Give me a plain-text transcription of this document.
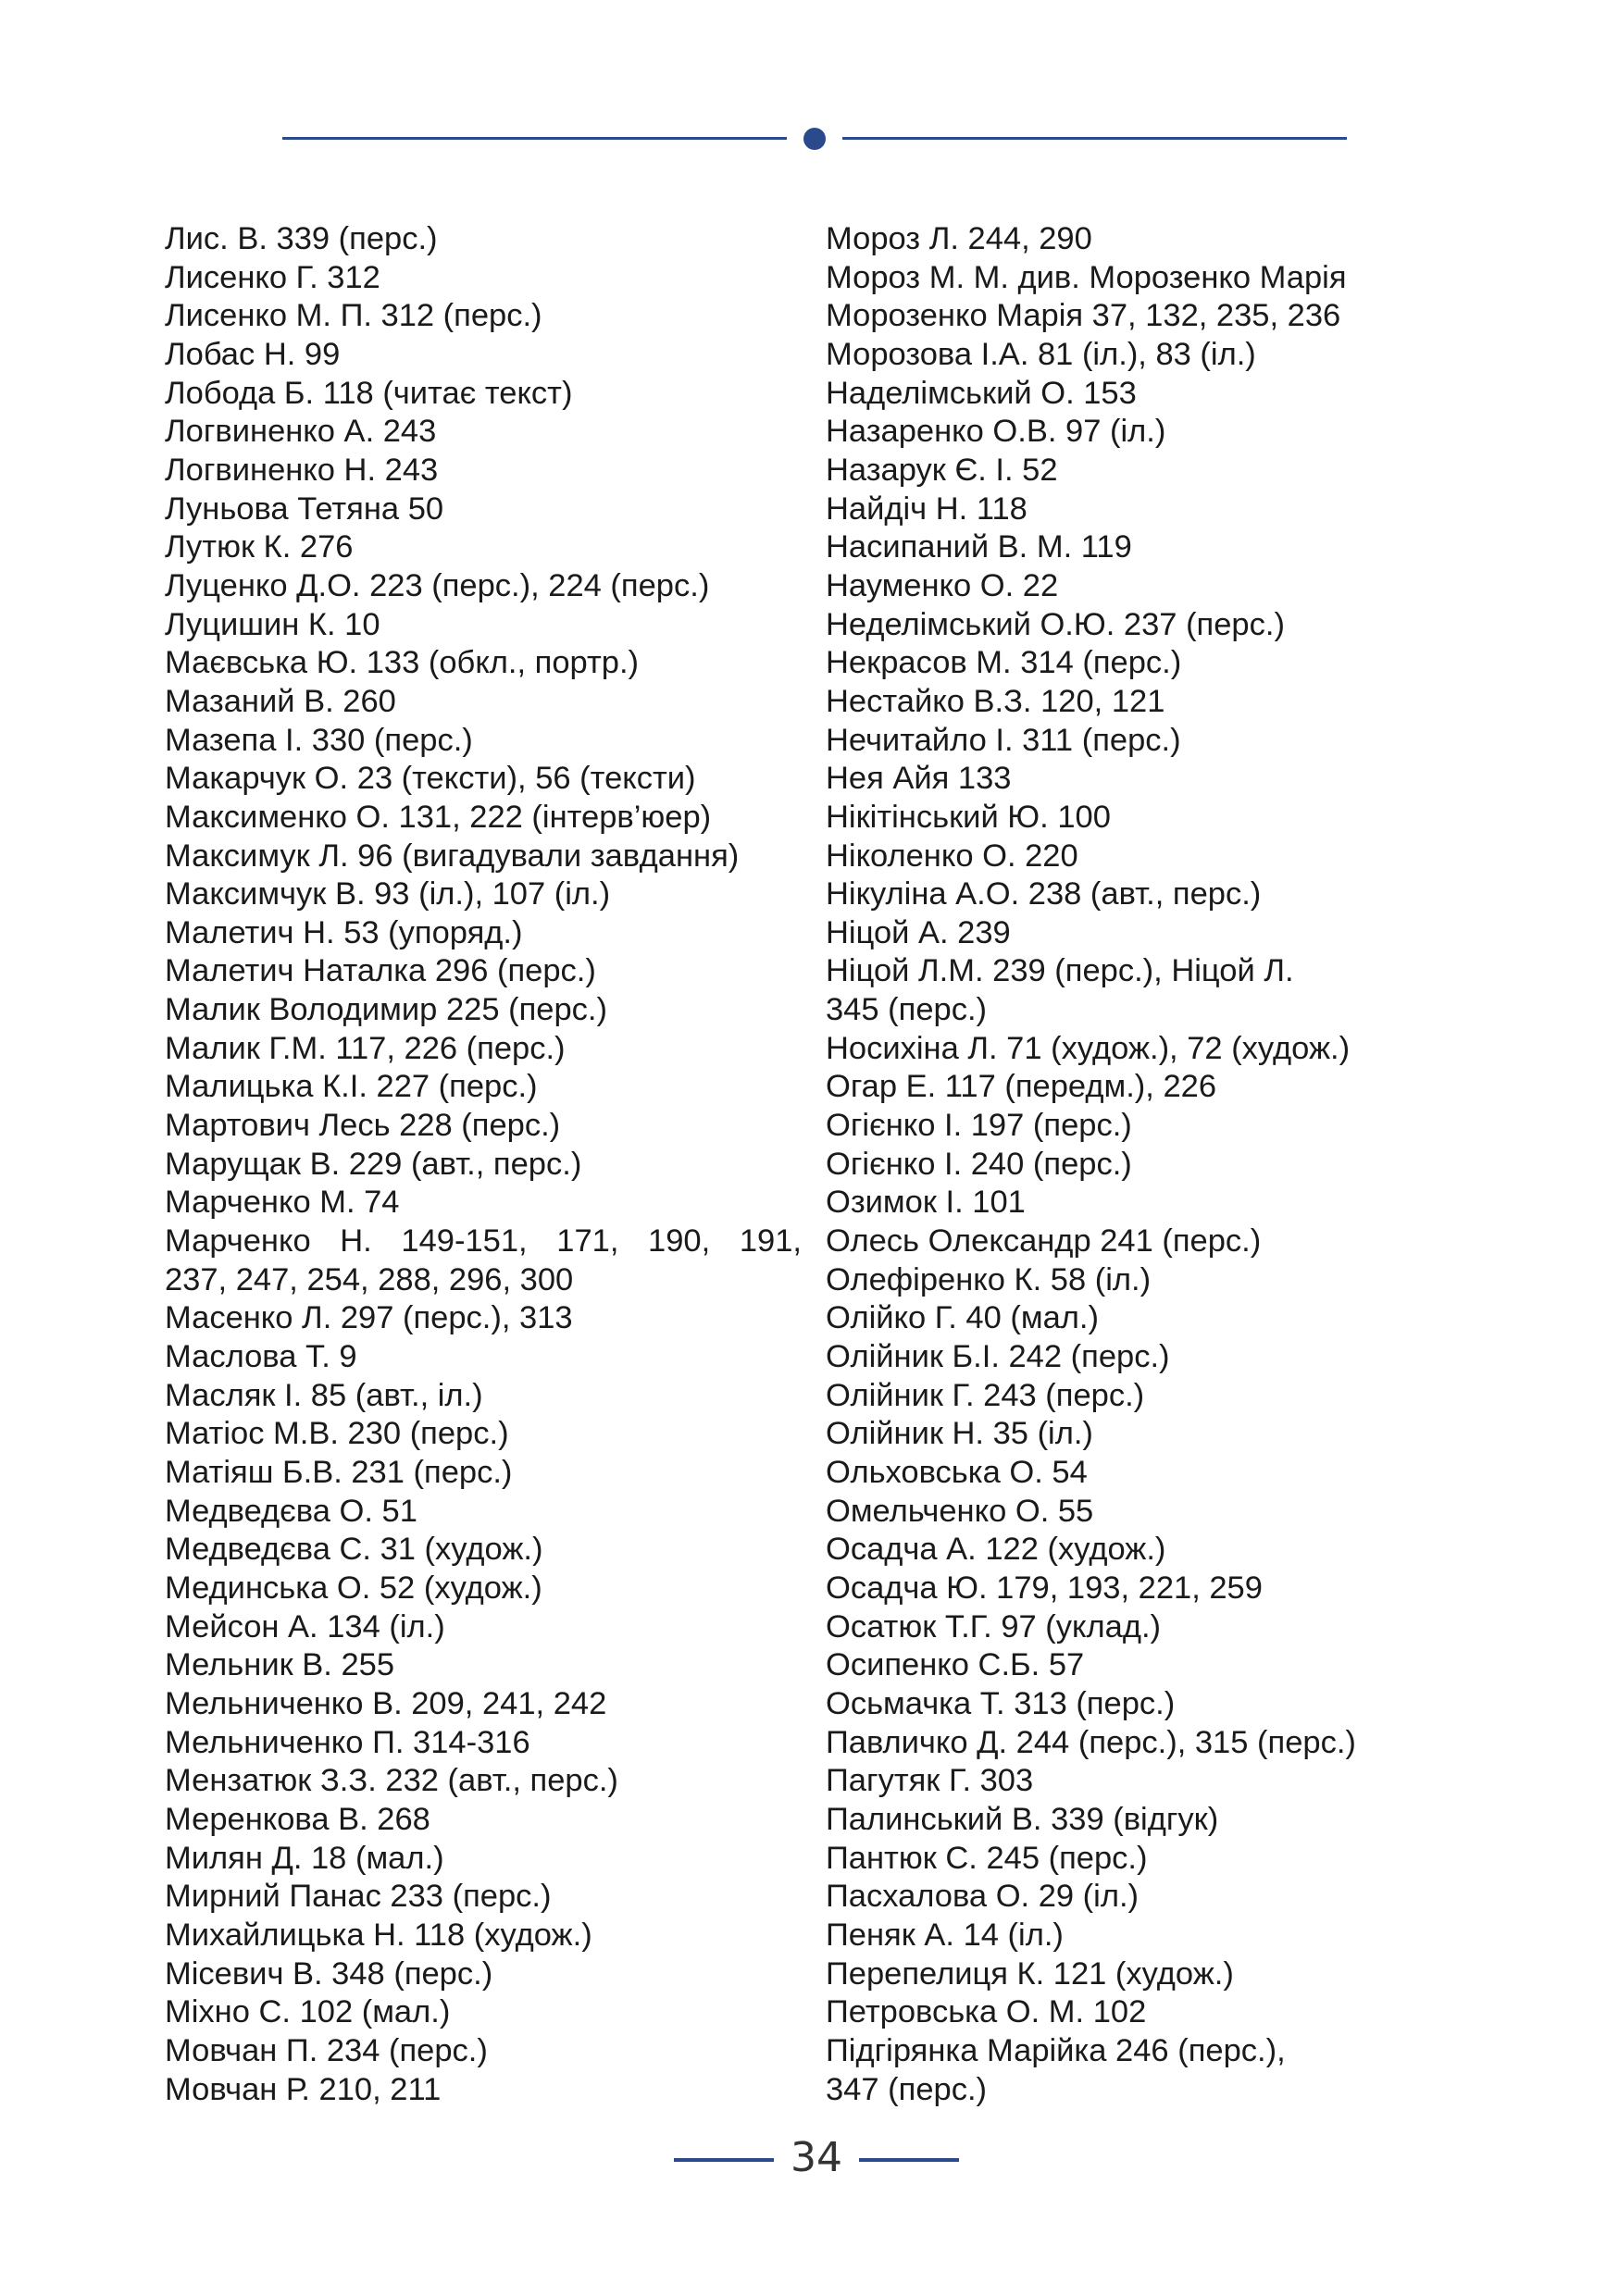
Лис. В. 339 (перс.)
Лисенко Г. 312
Лисенко М. П. 312 (перс.)
Лобас Н. 99
Лобода Б. 118 (читає текст)
Логвиненко А. 243
Логвиненко Н. 243
Луньова Тетяна 50
Лутюк К. 276
Луценко Д.О. 223 (перс.), 224 (перс.)
Луцишин К. 10
Маєвська Ю. 133 (обкл., портр.)
Мазаний В. 260
Мазепа І. 330 (перс.)
Макарчук О. 23 (тексти), 56 (тексти)
Максименко О. 131, 222 (інтерв’юер)
Максимук Л. 96 (вигадували завдання)
Максимчук В. 93 (іл.), 107 (іл.)
Малетич Н. 53 (упоряд.)
Малетич Наталка 296 (перс.)
Малик Володимир 225 (перс.)
Малик Г.М. 117, 226 (перс.)
Малицька К.І. 227 (перс.)
Мартович Лесь 228 (перс.)
Марущак В. 229 (авт., перс.)
Марченко М. 74
Марченко Н. 149-151, 171, 190, 191,
237, 247, 254, 288, 296, 300
Масенко Л. 297 (перс.), 313
Маслова Т. 9
Масляк І. 85 (авт., іл.)
Матіос М.В. 230 (перс.)
Матіяш Б.В. 231 (перс.)
Медведєва О. 51
Медведєва С. 31 (худож.)
Мединська О. 52 (худож.)
Мейсон А. 134 (іл.)
Мельник В. 255
Мельниченко В. 209, 241, 242
Мельниченко П. 314-316
Мензатюк З.З. 232 (авт., перс.)
Меренкова В. 268
Милян Д. 18 (мал.)
Мирний Панас 233 (перс.)
Михайлицька Н. 118 (худож.)
Місевич В. 348 (перс.)
Міхно С. 102 (мал.)
Мовчан П. 234 (перс.)
Мовчан Р. 210, 211
Мороз Л. 244, 290
Мороз М. М. див. Морозенко Марія
Морозенко Марія 37, 132, 235, 236
Морозова І.А. 81 (іл.), 83 (іл.)
Наделімський О. 153
Назаренко О.В. 97 (іл.)
Назарук Є. І. 52
Найдіч Н. 118
Насипаний В. М. 119
Науменко О. 22
Неделімський О.Ю. 237 (перс.)
Некрасов М. 314 (перс.)
Нестайко В.З. 120, 121
Нечитайло І. 311 (перс.)
Нея Айя 133
Нікітінський Ю. 100
Ніколенко О. 220
Нікуліна А.О. 238 (авт., перс.)
Ніцой А. 239
Ніцой Л.М. 239 (перс.), Ніцой Л.
345 (перс.)
Носихіна Л. 71 (худож.), 72 (худож.)
Огар Е. 117 (передм.), 226
Огієнко І. 197 (перс.)
Огієнко І. 240 (перс.)
Озимок І. 101
Олесь Олександр 241 (перс.)
Олефіренко К. 58 (іл.)
Олійко Г. 40 (мал.)
Олійник Б.І. 242 (перс.)
Олійник Г. 243 (перс.)
Олійник Н. 35 (іл.)
Ольховська О. 54
Омельченко О. 55
Осадча А. 122 (худож.)
Осадча Ю. 179, 193, 221, 259
Осатюк Т.Г. 97 (уклад.)
Осипенко С.Б. 57
Осьмачка Т. 313 (перс.)
Павличко Д. 244 (перс.), 315 (перс.)
Пагутяк Г. 303
Палинський В. 339 (відгук)
Пантюк С. 245 (перс.)
Пасхалова О. 29 (іл.)
Пеняк А. 14 (іл.)
Перепелиця К. 121 (худож.)
Петровська О. М. 102
Підгірянка Марійка 246 (перс.),
347 (перс.)
34
